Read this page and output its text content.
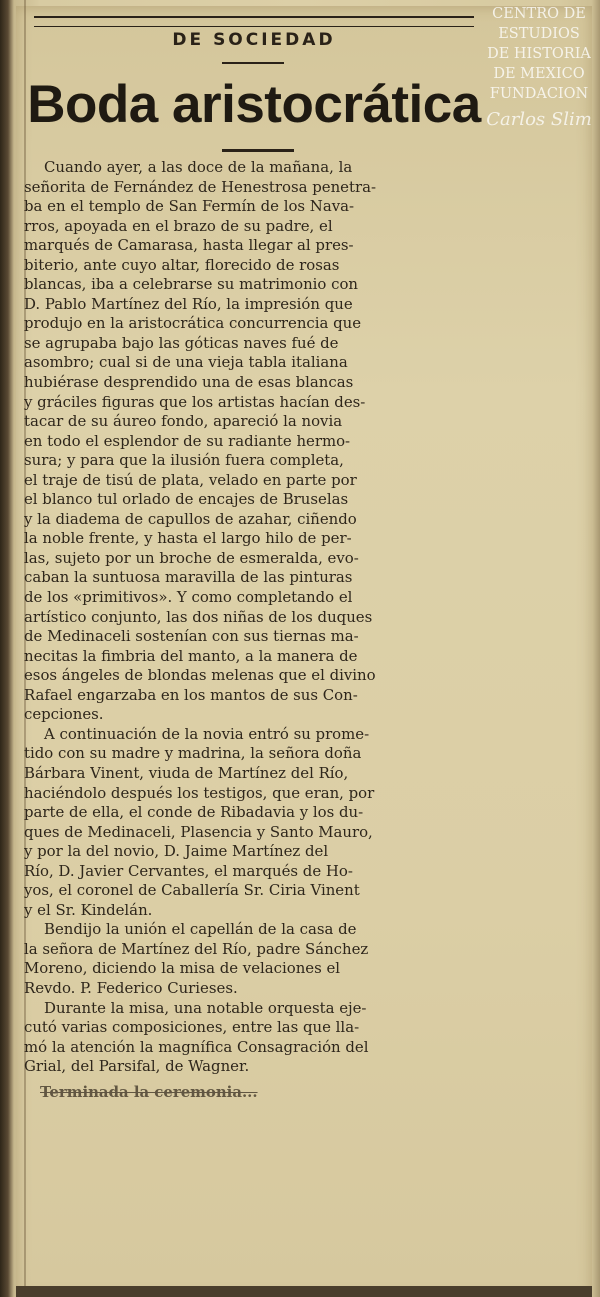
DE SOCIEDAD
Boda aristocrática
Cuando ayer, a las doce de la mañana, la
señorita de Fernández de Henestrosa penetra-
ba en el templo de San Fermín de los Nava-
rros, apoyada en el brazo de su padre, el
marqués de Camarasa, hasta llegar al pres-
biterio, ante cuyo altar, florecido de rosas
blancas, iba a celebrarse su matrimonio con
D. Pablo Martínez del Río, la impresión que
produjo en la aristocrática concurrencia que
se agrupaba bajo las góticas naves fué de
asombro; cual si de una vieja tabla italiana
hubiérase desprendido una de esas blancas
y gráciles figuras que los artistas hacían des-
tacar de su áureo fondo, apareció la novia
en todo el esplendor de su radiante hermo-
sura; y para que la ilusión fuera completa,
el traje de tisú de plata, velado en parte por
el blanco tul orlado de encajes de Bruselas
y la diadema de capullos de azahar, ciñendo
la noble frente, y hasta el largo hilo de per-
las, sujeto por un broche de esmeralda, evo-
caban la suntuosa maravilla de las pinturas
de los «primitivos». Y como completando el
artístico conjunto, las dos niñas de los duques
de Medinaceli sostenían con sus tiernas ma-
necitas la fimbria del manto, a la manera de
esos ángeles de blondas melenas que el divino
Rafael engarzaba en los mantos de sus Con-
cepciones.
A continuación de la novia entró su prome-
tido con su madre y madrina, la señora doña
Bárbara Vinent, viuda de Martínez del Río,
haciéndolo después los testigos, que eran, por
parte de ella, el conde de Ribadavia y los du-
ques de Medinaceli, Plasencia y Santo Mauro,
y por la del novio, D. Jaime Martínez del
Río, D. Javier Cervantes, el marqués de Ho-
yos, el coronel de Caballería Sr. Ciria Vinent
y el Sr. Kindelán.
Bendijo la unión el capellán de la casa de
la señora de Martínez del Río, padre Sánchez
Moreno, diciendo la misa de velaciones el
Revdo. P. Federico Curieses.
Durante la misa, una notable orquesta eje-
cutó varias composiciones, entre las que lla-
mó la atención la magnífica Consagración del
Grial, del Parsifal, de Wagner.
Terminada la ceremonia...
CENTRO DE
ESTUDIOS
DE HISTORIA
DE MEXICO
FUNDACION
Carlos Slim
